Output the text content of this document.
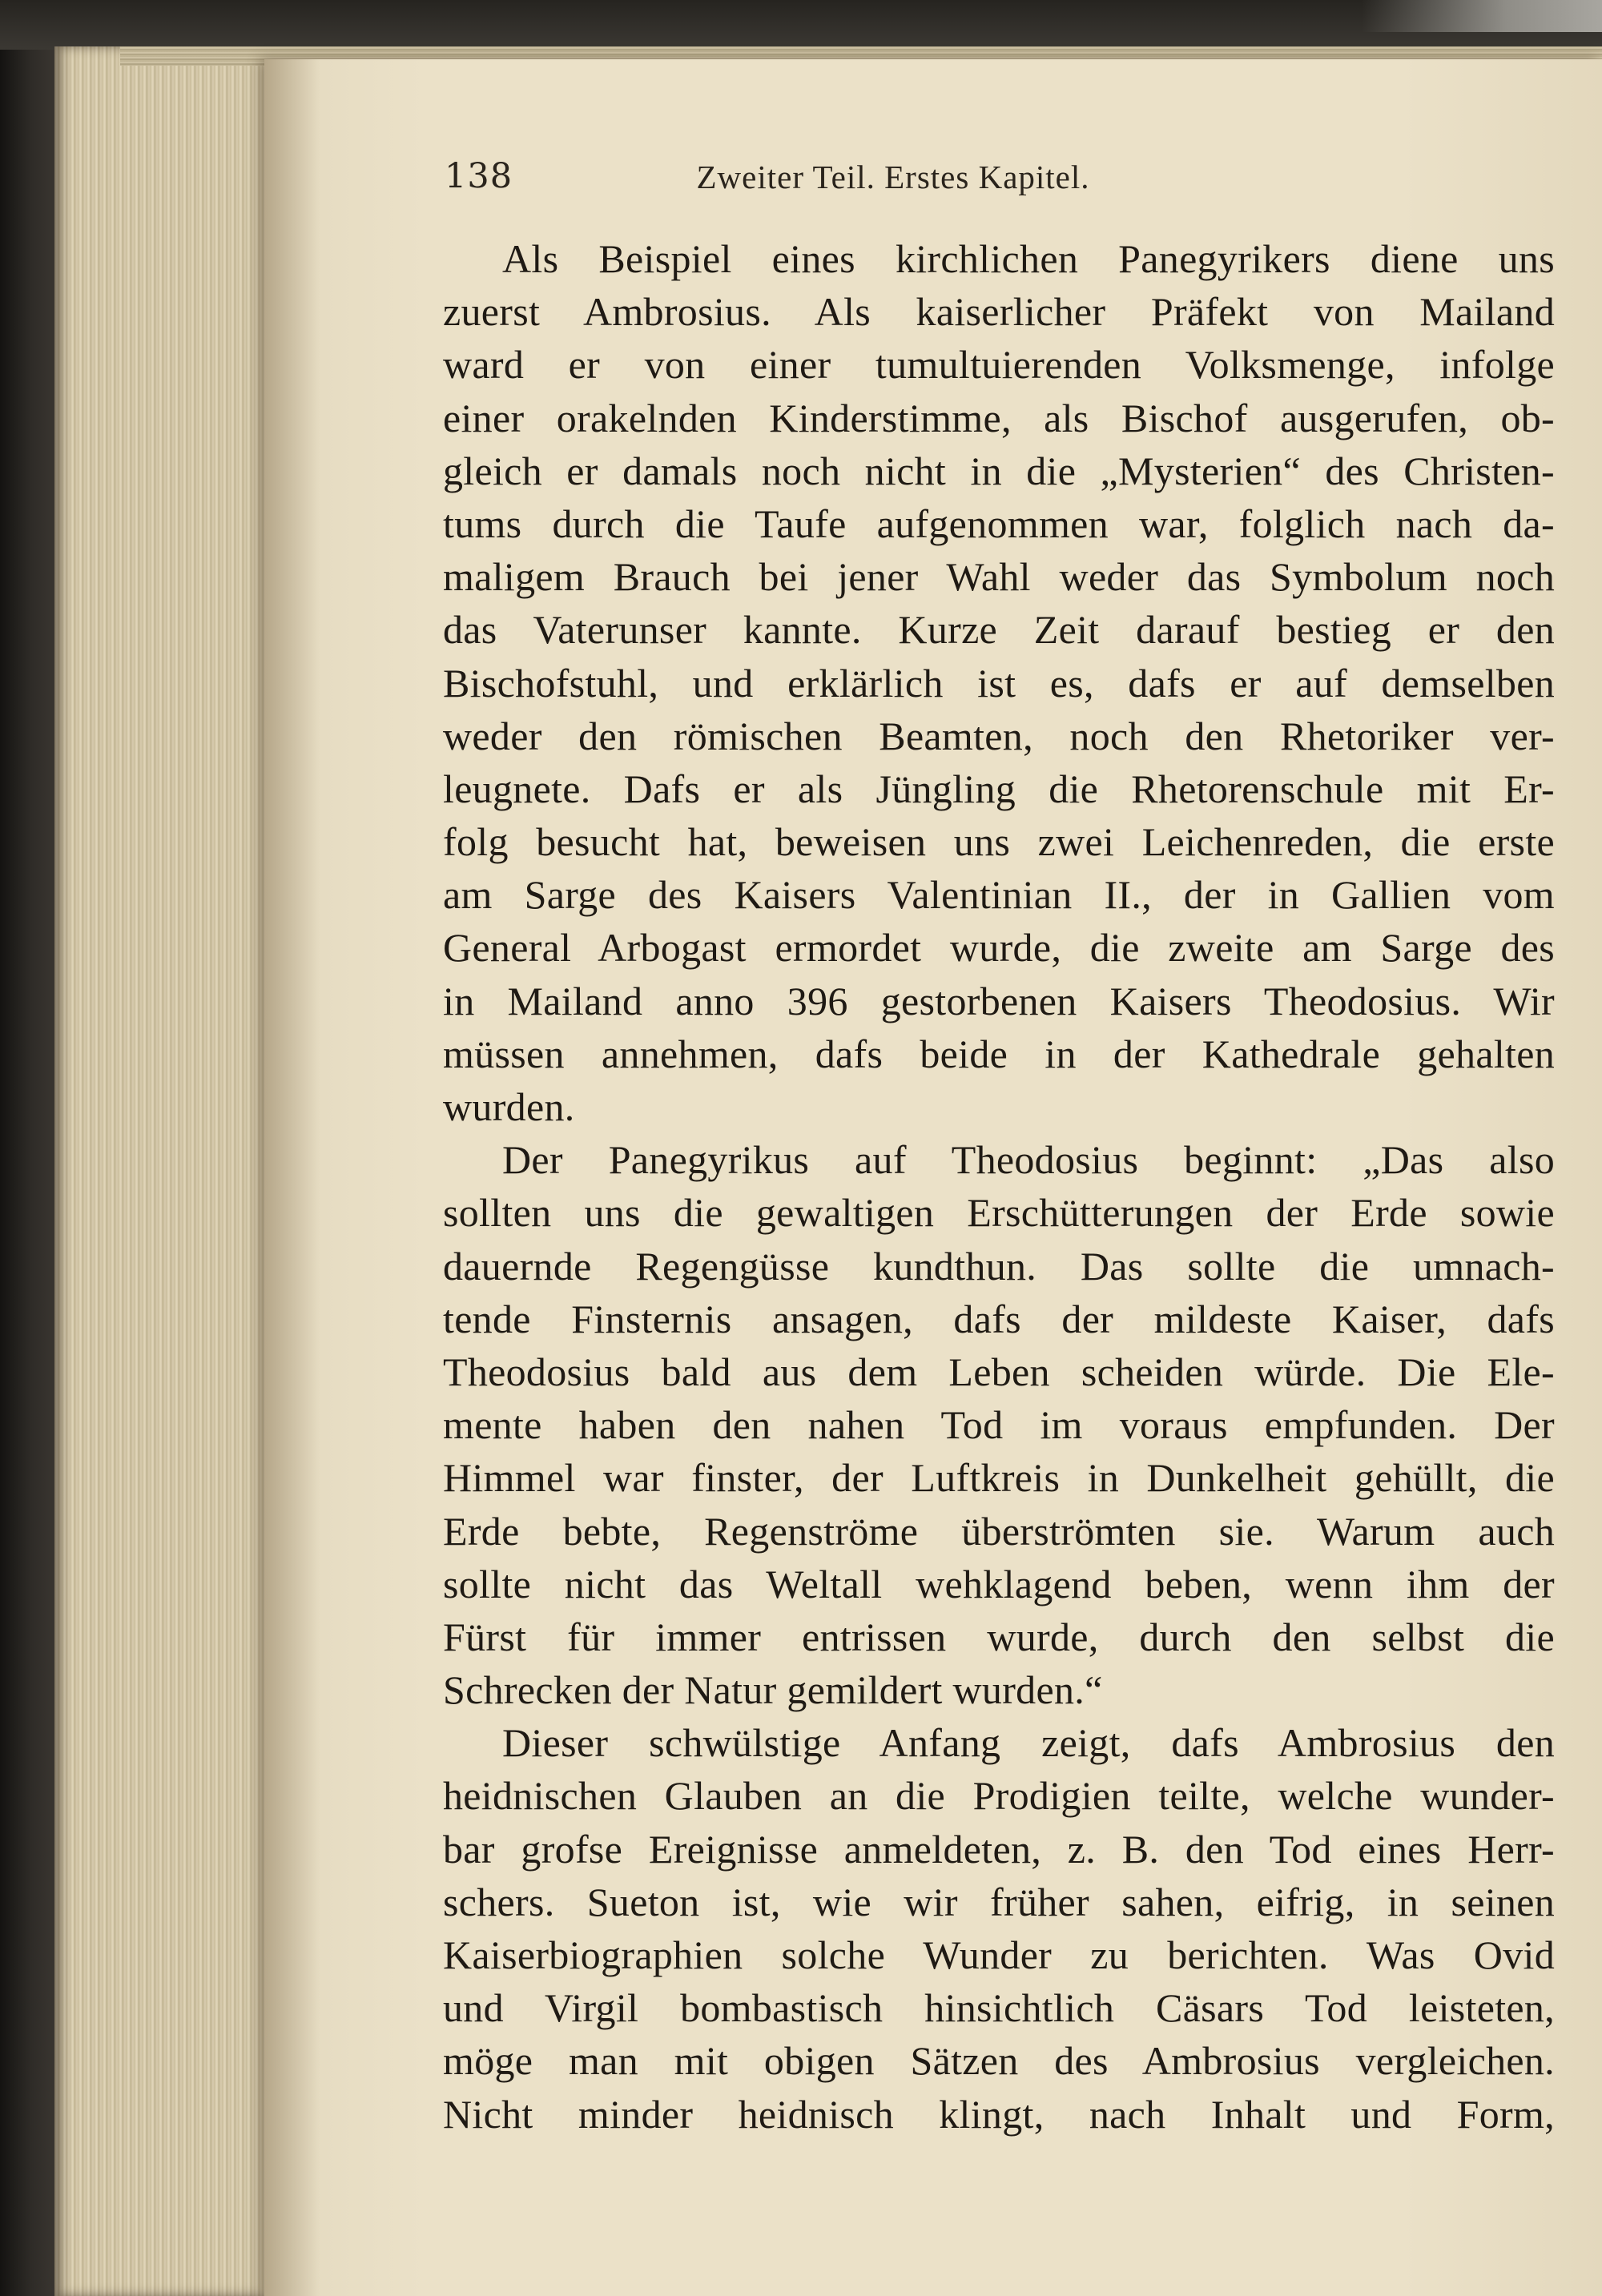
138	Zweiter Teil. Erstes Kapitel.
Als Beispiel eines kirchlichen Panegyrikers diene uns
zuerst Ambrosius. Als kaiserlicher Präfekt von Mailand
ward er von einer tumultuierenden Volksmenge, infolge
einer orakelnden Kinderstimme, als Bischof ausgerufen, ob-
gleich er damals noch nicht in die „Mysterien“ des Christen-
tums durch die Taufe aufgenommen war, folglich nach da-
maligem Brauch bei jener Wahl weder das Symbolum noch
das Vaterunser kannte. Kurze Zeit darauf bestieg er den
Bischofstuhl, und erklärlich ist es, dafs er auf demselben
weder den römischen Beamten, noch den Rhetoriker ver-
leugnete. Dafs er als Jüngling die Rhetorenschule mit Er-
folg besucht hat, beweisen uns zwei Leichenreden, die erste
am Sarge des Kaisers Valentinian II., der in Gallien vom
General Arbogast ermordet wurde, die zweite am Sarge des
in Mailand anno 396 gestorbenen Kaisers Theodosius. Wir
müssen annehmen, dafs beide in der Kathedrale gehalten
wurden.
Der Panegyrikus auf Theodosius beginnt: „Das also
sollten uns die gewaltigen Erschütterungen der Erde sowie
dauernde Regengüsse kundthun. Das sollte die umnach-
tende Finsternis ansagen, dafs der mildeste Kaiser, dafs
Theodosius bald aus dem Leben scheiden würde. Die Ele-
mente haben den nahen Tod im voraus empfunden. Der
Himmel war finster, der Luftkreis in Dunkelheit gehüllt, die
Erde bebte, Regenströme überströmten sie. Warum auch
sollte nicht das Weltall wehklagend beben, wenn ihm der
Fürst für immer entrissen wurde, durch den selbst die
Schrecken der Natur gemildert wurden.“
Dieser schwülstige Anfang zeigt, dafs Ambrosius den
heidnischen Glauben an die Prodigien teilte, welche wunder-
bar grofse Ereignisse anmeldeten, z. B. den Tod eines Herr-
schers. Sueton ist, wie wir früher sahen, eifrig, in seinen
Kaiserbiographien solche Wunder zu berichten. Was Ovid
und Virgil bombastisch hinsichtlich Cäsars Tod leisteten,
möge man mit obigen Sätzen des Ambrosius vergleichen.
Nicht minder heidnisch klingt, nach Inhalt und Form,
